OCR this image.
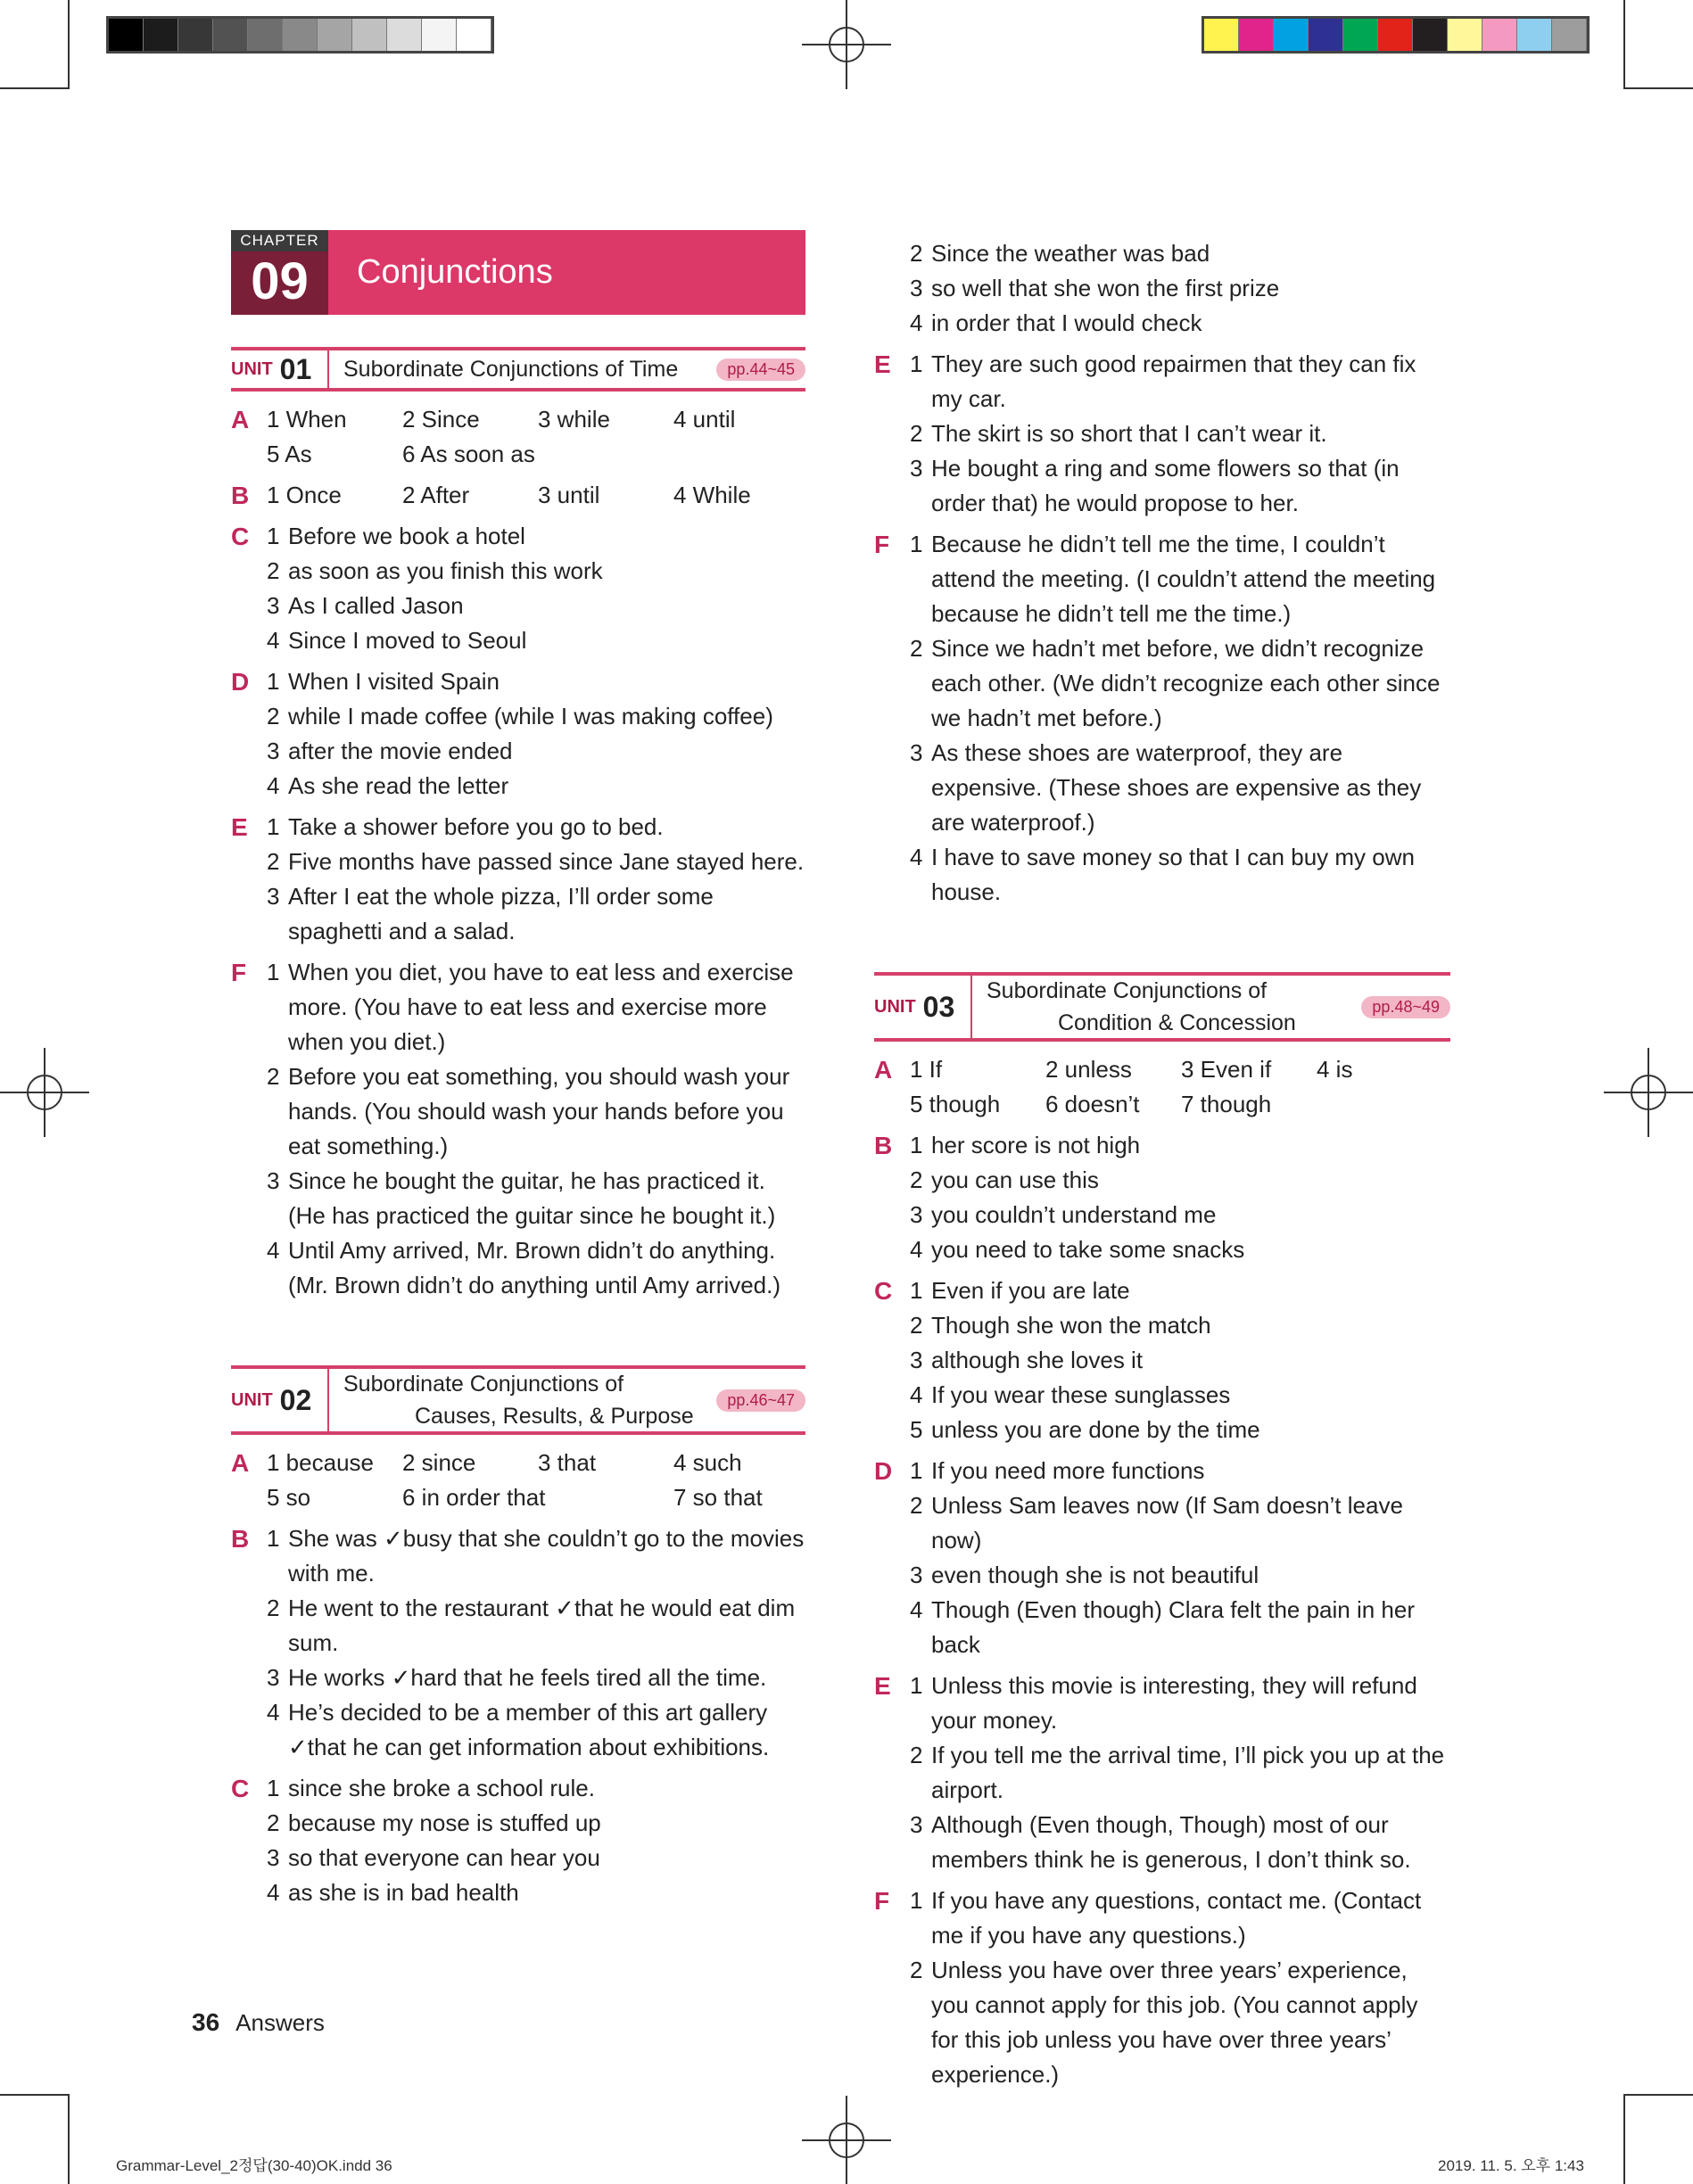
CHAPTER
09	Conjunctions
UNIT 01	Subordinate Conjunctions of Time	pp.44~45
A 1 When	2 Since	3 while	4 until
5 As	6 As soon as
B 1 Once	2 After	3 until	4 While
C 1 Before we book a hotel
2 as soon as you finish this work
3 As I called Jason
4 Since I moved to Seoul
D 1 When I visited Spain
2 while I made coffee (while I was making coffee)
3 after the movie ended
4 As she read the letter
E 1 Take a shower before you go to bed.
2 Five months have passed since Jane stayed here.
3 After I eat the whole pizza, I’ll order some spaghetti and a salad.
F 1 When you diet, you have to eat less and exercise more. (You have to eat less and exercise more when you diet.)
2 Before you eat something, you should wash your hands. (You should wash your hands before you eat something.)
3 Since he bought the guitar, he has practiced it. (He has practiced the guitar since he bought it.)
4 Until Amy arrived, Mr. Brown didn’t do anything. (Mr. Brown didn’t do anything until Amy arrived.)
UNIT 02	Subordinate Conjunctions of
Causes, Results, & Purpose
pp.46~47
A 1 because	2 since	3 that	4 such
5 so	6 in order that	7 so that
B 1 She was ✓busy that she couldn’t go to the movies with me.
2 He went to the restaurant ✓that he would eat dim sum.
3 He works ✓hard that he feels tired all the time.
4 He’s decided to be a member of this art gallery ✓that he can get information about exhibitions.
C 1 since she broke a school rule.
2 because my nose is stuffed up
3 so that everyone can hear you
4 as she is in bad health
2 Since the weather was bad
3 so well that she won the first prize
4 in order that I would check
E 1 They are such good repairmen that they can fix my car.
2 The skirt is so short that I can’t wear it.
3 He bought a ring and some flowers so that (in order that) he would propose to her.
F 1 Because he didn’t tell me the time, I couldn’t attend the meeting. (I couldn’t attend the meeting because he didn’t tell me the time.)
2 Since we hadn’t met before, we didn’t recognize each other. (We didn’t recognize each other since we hadn’t met before.)
3 As these shoes are waterproof, they are expensive. (These shoes are expensive as they are waterproof.)
4 I have to save money so that I can buy my own house.
UNIT 03	Subordinate Conjunctions of
Condition & Concession
pp.48~49
A 1 If	2 unless	3 Even if	4 is
5 though	6 doesn’t	7 though
B 1 her score is not high
2 you can use this
3 you couldn’t understand me
4 you need to take some snacks
C 1 Even if you are late
2 Though she won the match
3 although she loves it
4 If you wear these sunglasses
5 unless you are done by the time
D 1 If you need more functions
2 Unless Sam leaves now (If Sam doesn’t leave now)
3 even though she is not beautiful
4 Though (Even though) Clara felt the pain in her back
E 1 Unless this movie is interesting, they will refund your money.
2 If you tell me the arrival time, I’ll pick you up at the airport.
3 Although (Even though, Though) most of our members think he is generous, I don’t think so.
F 1 If you have any questions, contact me. (Contact me if you have any questions.)
2 Unless you have over three years’ experience, you cannot apply for this job. (You cannot apply for this job unless you have over three years’ experience.)
36 Answers
Grammar-Level_2정답(30-40)OK.indd 36	2019. 11. 5. 오후 1:43
